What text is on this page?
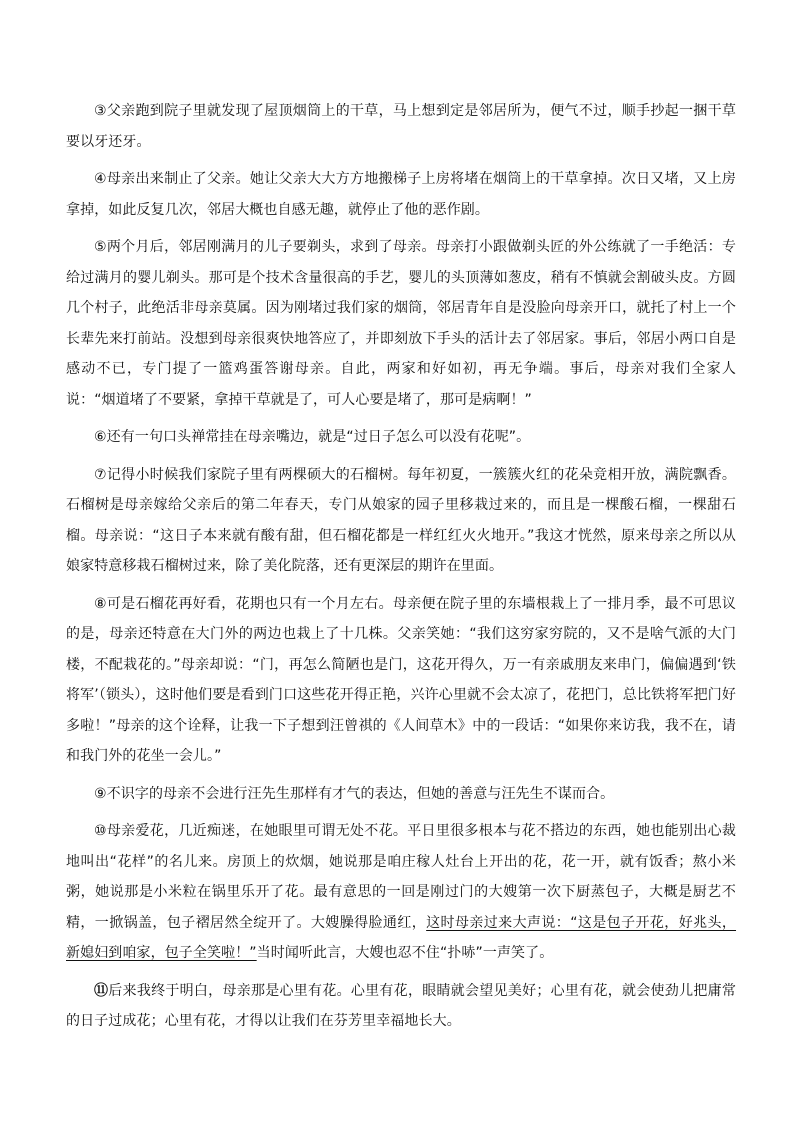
③父亲跑到院子里就发现了屋顶烟筒上的干草，马上想到定是邻居所为，便气不过，顺手抄起一捆干草要以牙还牙。

④母亲出来制止了父亲。她让父亲大大方方地搬梯子上房将堵在烟筒上的干草拿掉。次日又堵，又上房拿掉，如此反复几次，邻居大概也自感无趣，就停止了他的恶作剧。

⑤两个月后，邻居刚满月的儿子要剃头，求到了母亲。母亲打小跟做剃头匠的外公练就了一手绝活：专给过满月的婴儿剃头。那可是个技术含量很高的手艺，婴儿的头顶薄如葱皮，稍有不慎就会割破头皮。方圆几个村子，此绝活非母亲莫属。因为刚堵过我们家的烟筒，邻居青年自是没脸向母亲开口，就托了村上一个长辈先来打前站。没想到母亲很爽快地答应了，并即刻放下手头的活计去了邻居家。事后，邻居小两口自是感动不已，专门提了一篮鸡蛋答谢母亲。自此，两家和好如初，再无争端。事后，母亲对我们全家人说：“烟道堵了不要紧，拿掉干草就是了，可人心要是堵了，那可是病啊！”

⑥还有一句口头禅常挂在母亲嘴边，就是“过日子怎么可以没有花呢”。

⑦记得小时候我们家院子里有两棵硕大的石榴树。每年初夏，一簇簇火红的花朵竞相开放，满院飘香。石榴树是母亲嫁给父亲后的第二年春天，专门从娘家的园子里移栽过来的，而且是一棵酸石榴，一棵甜石榴。母亲说：“这日子本来就有酸有甜，但石榴花都是一样红红火火地开。”我这才恍然，原来母亲之所以从娘家特意移栽石榴树过来，除了美化院落，还有更深层的期许在里面。

⑧可是石榴花再好看，花期也只有一个月左右。母亲便在院子里的东墙根栽上了一排月季，最不可思议的是，母亲还特意在大门外的两边也栽上了十几株。父亲笑她：“我们这穷家穷院的，又不是啥气派的大门楼，不配栽花的。”母亲却说：“门，再怎么简陋也是门，这花开得久，万一有亲戚朋友来串门，偏偏遇到‘铁将军’（锁头），这时他们要是看到门口这些花开得正艳，兴许心里就不会太凉了，花把门，总比铁将军把门好多啦！”母亲的这个诠释，让我一下子想到汪曾祺的《人间草木》中的一段话：“如果你来访我，我不在，请和我门外的花坐一会儿。”

⑨不识字的母亲不会进行汪先生那样有才气的表达，但她的善意与汪先生不谋而合。

⑩母亲爱花，几近痴迷，在她眼里可谓无处不花。平日里很多根本与花不搭边的东西，她也能别出心裁地叫出“花样”的名儿来。房顶上的炊烟，她说那是咱庄稼人灶台上开出的花，花一开，就有饭香；熬小米粥，她说那是小米粒在锅里乐开了花。最有意思的一回是刚过门的大嫂第一次下厨蒸包子，大概是厨艺不精，一掀锅盖，包子褶居然全绽开了。大嫂臊得脸通红，这时母亲过来大声说：“这是包子开花，好兆头，新媳妇到咱家，包子全笑啦！”当时闻听此言，大嫂也忍不住“扑哧”一声笑了。

⑪后来我终于明白，母亲那是心里有花。心里有花，眼睛就会望见美好；心里有花，就会使劲儿把庸常的日子过成花；心里有花，才得以让我们在芬芳里幸福地长大。
